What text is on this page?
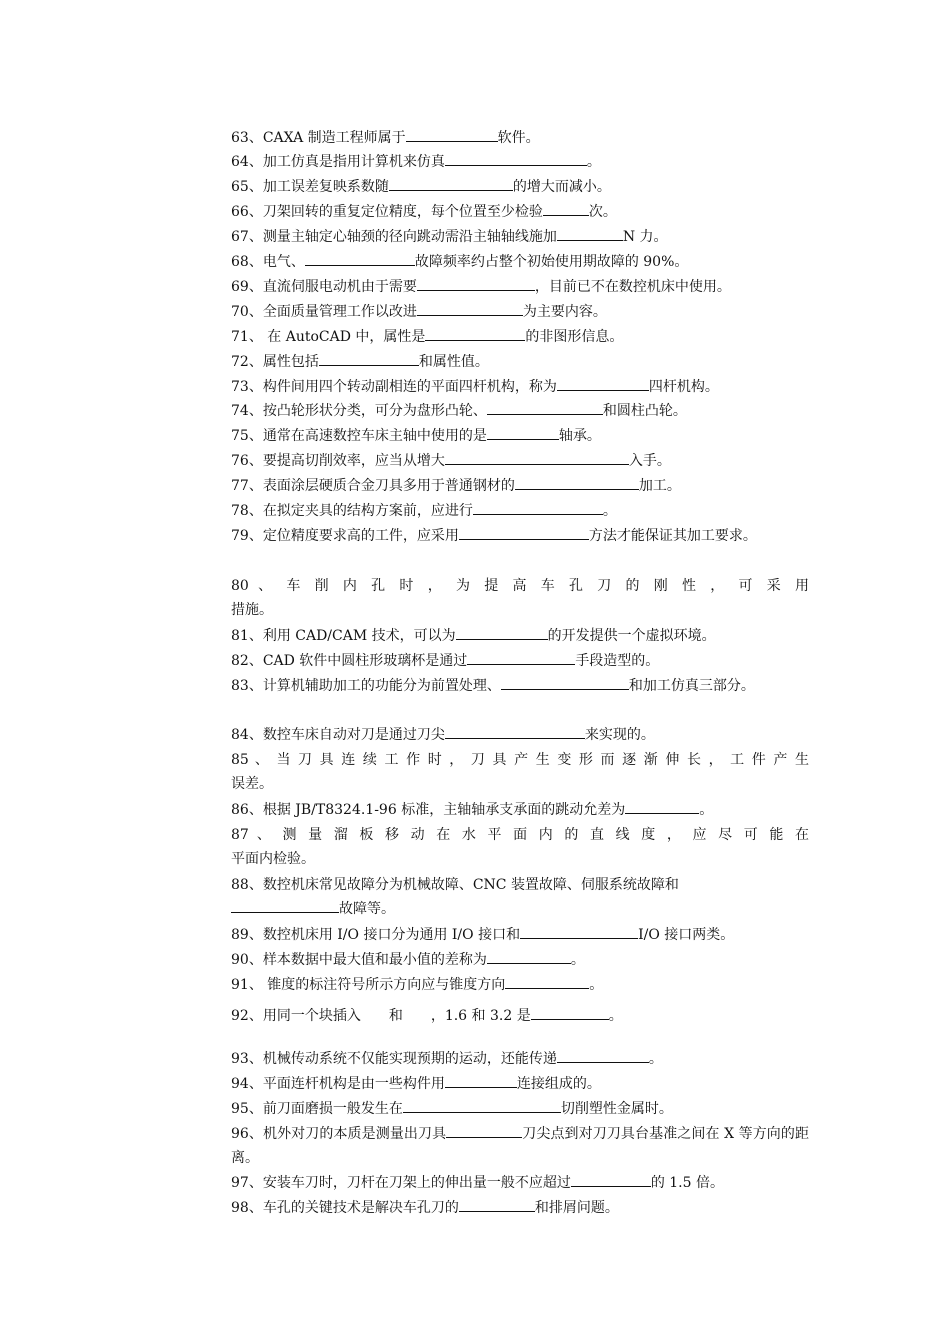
63、CAXA 制造工程师属于	软件。
64、加工仿真是指用计算机来仿真	。
65、加工误差复映系数随	的增大而减小。
66、刀架回转的重复定位精度，每个位置至少检验	次。
67、测量主轴定心轴颈的径向跳动需沿主轴轴线施加	N 力。
68、电气、	故障频率约占整个初始使用期故障的 90%。
69、直流伺服电动机由于需要	，目前已不在数控机床中使用。
70、全面质量管理工作以改进	为主要内容。
71、 在 AutoCAD 中，属性是	的非图形信息。
72、属性包括	和属性值。
73、构件间用四个转动副相连的平面四杆机构，称为	四杆机构。
74、按凸轮形状分类，可分为盘形凸轮、	和圆柱凸轮。
75、通常在高速数控车床主轴中使用的是	轴承。
76、要提高切削效率，应当从增大	入手。
77、表面涂层硬质合金刀具多用于普通钢材的	加工。
78、在拟定夹具的结构方案前，应进行	。
79、定位精度要求高的工件，应采用	方法才能保证其加工要求。
80 、 车 削 内 孔 时 ， 为 提 高 车 孔 刀 的 刚 性 ， 可 采 用
措施。
81、利用 CAD/CAM 技术，可以为	的开发提供一个虚拟环境。
82、CAD 软件中圆柱形玻璃杯是通过	手段造型的。
83、计算机辅助加工的功能分为前置处理、	和加工仿真三部分。
84、数控车床自动对刀是通过刀尖	来实现的。
85 、 当 刀 具 连 续 工 作 时 ， 刀 具 产 生 变 形 而 逐 渐 伸 长 ， 工 件 产 生
误差。
86、根据 JB/T8324.1-96 标准，主轴轴承支承面的跳动允差为	。
87 、 测 量 溜 板 移 动 在 水 平 面 内 的 直 线 度 ， 应 尽 可 能 在
平面内检验。
88、数控机床常见故障分为机械故障、CNC 装置故障、伺服系统故障和
故障等。
89、数控机床用 I/O 接口分为通用 I/O 接口和	I/O 接口两类。
90、样本数据中最大值和最小值的差称为	。
91、 锥度的标注符号所示方向应与锥度方向	。
92、用同一个块插入　　和　　，1.6 和 3.2 是	。
93、机械传动系统不仅能实现预期的运动，还能传递	。
94、平面连杆机构是由一些构件用	连接组成的。
95、前刀面磨损一般发生在	切削塑性金属时。
96、机外对刀的本质是测量出刀具	刀尖点到对刀刀具台基准之间在 X 等方向的距离。
97、安装车刀时，刀杆在刀架上的伸出量一般不应超过	的 1.5 倍。
98、车孔的关键技术是解决车孔刀的	和排屑问题。
